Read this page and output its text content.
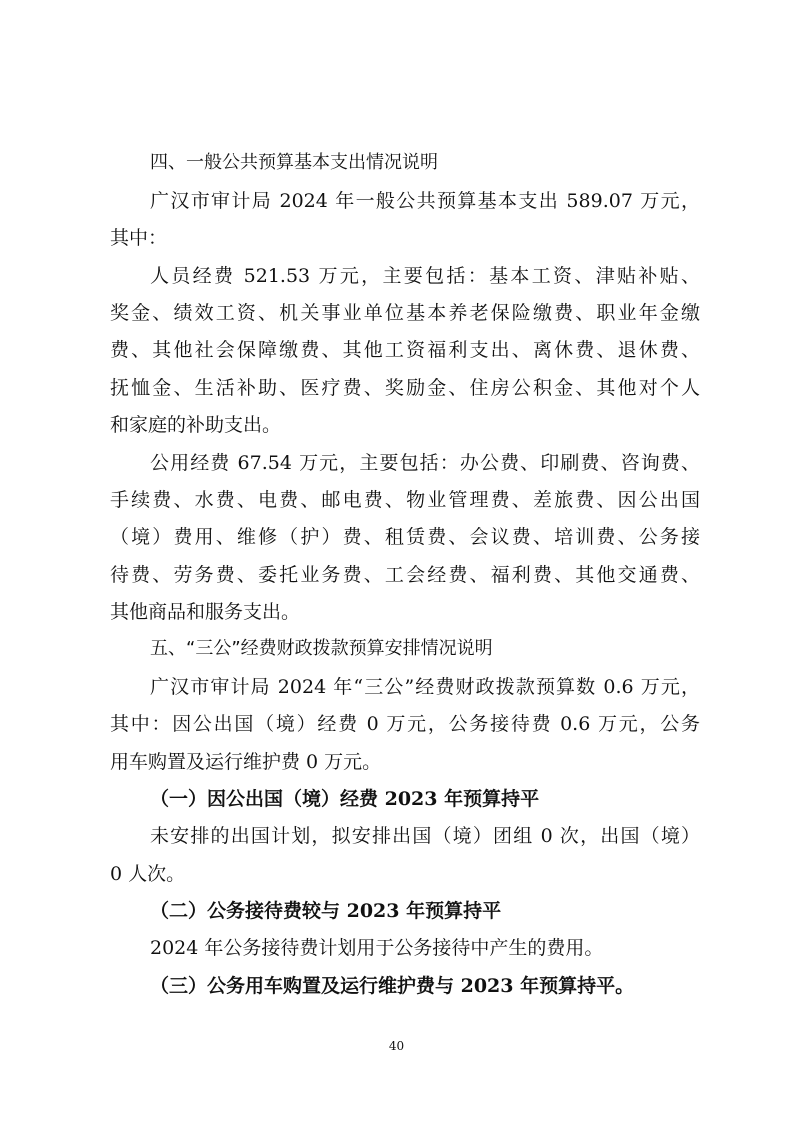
四、一般公共预算基本支出情况说明
广汉市审计局 2024 年一般公共预算基本支出 589.07 万元，
其中：
人员经费 521.53 万元，主要包括：基本工资、津贴补贴、
奖金、绩效工资、机关事业单位基本养老保险缴费、职业年金缴
费、其他社会保障缴费、其他工资福利支出、离休费、退休费、
抚恤金、生活补助、医疗费、奖励金、住房公积金、其他对个人
和家庭的补助支出。
公用经费 67.54 万元，主要包括：办公费、印刷费、咨询费、
手续费、水费、电费、邮电费、物业管理费、差旅费、因公出国
（境）费用、维修（护）费、租赁费、会议费、培训费、公务接
待费、劳务费、委托业务费、工会经费、福利费、其他交通费、
其他商品和服务支出。
五、“三公”经费财政拨款预算安排情况说明
广汉市审计局 2024 年“三公”经费财政拨款预算数 0.6 万元，
其中：因公出国（境）经费 0 万元，公务接待费 0.6 万元，公务
用车购置及运行维护费 0 万元。
（一）因公出国（境）经费 2023 年预算持平
未安排的出国计划，拟安排出国（境）团组 0 次，出国（境）
0 人次。
（二）公务接待费较与 2023 年预算持平
2024 年公务接待费计划用于公务接待中产生的费用。
（三）公务用车购置及运行维护费与 2023 年预算持平。
40
